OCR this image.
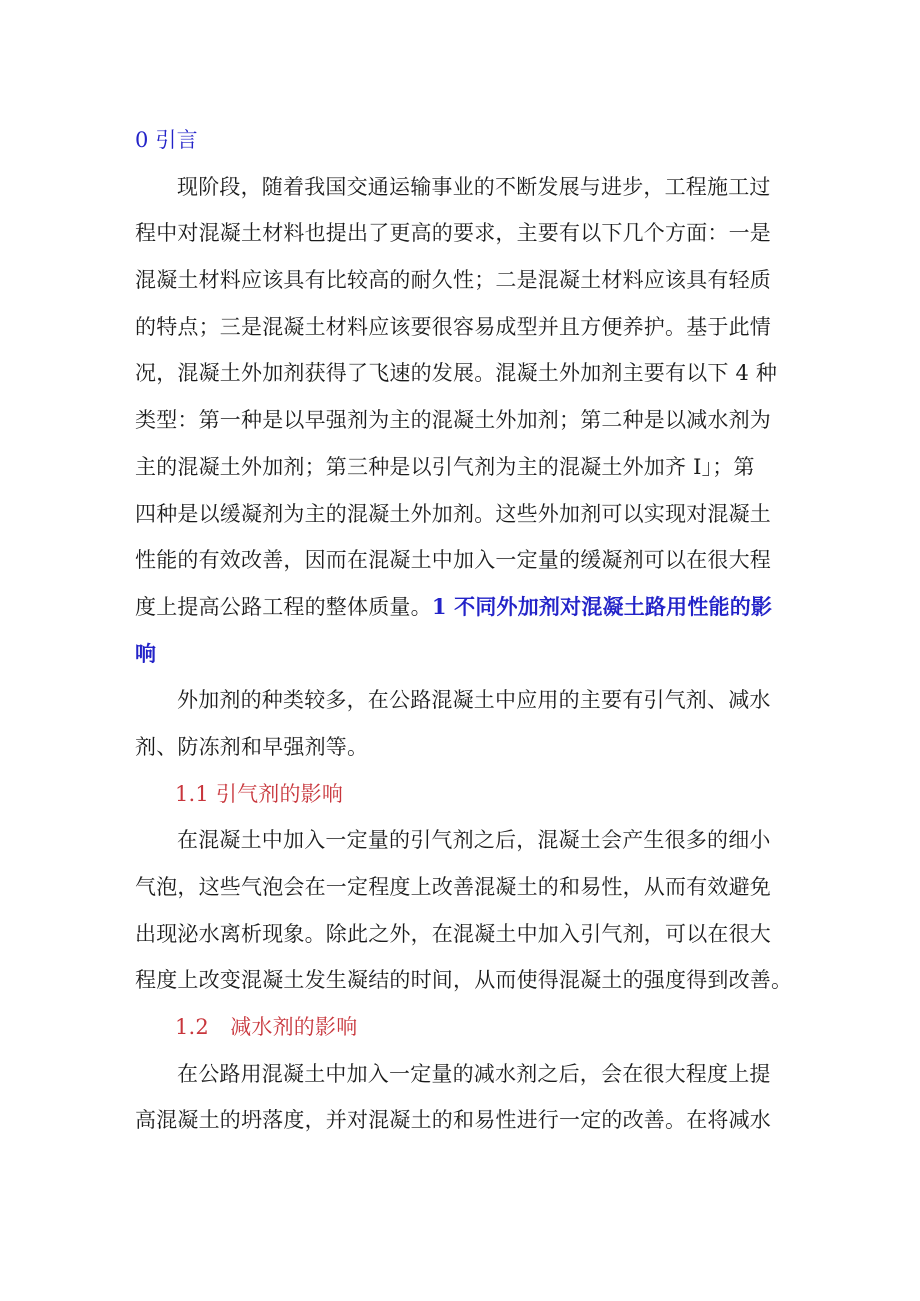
0 引言
现阶段，随着我国交通运输事业的不断发展与进步，工程施工过
程中对混凝土材料也提出了更高的要求，主要有以下几个方面：一是
混凝土材料应该具有比较高的耐久性；二是混凝土材料应该具有轻质
的特点；三是混凝土材料应该要很容易成型并且方便养护。基于此情
况，混凝土外加剂获得了飞速的发展。混凝土外加剂主要有以下 4 种
类型：第一种是以早强剂为主的混凝土外加剂；第二种是以减水剂为
主的混凝土外加剂；第三种是以引气剂为主的混凝土外加齐 I」；第
四种是以缓凝剂为主的混凝土外加剂。这些外加剂可以实现对混凝土
性能的有效改善，因而在混凝土中加入一定量的缓凝剂可以在很大程
度上提高公路工程的整体质量。1 不同外加剂对混凝土路用性能的影
响
外加剂的种类较多，在公路混凝土中应用的主要有引气剂、减水
剂、防冻剂和早强剂等。
1.1 引气剂的影响
在混凝土中加入一定量的引气剂之后，混凝土会产生很多的细小
气泡，这些气泡会在一定程度上改善混凝土的和易性，从而有效避免
出现泌水离析现象。除此之外，在混凝土中加入引气剂，可以在很大
程度上改变混凝土发生凝结的时间，从而使得混凝土的强度得到改善。
1.2　减水剂的影响
在公路用混凝土中加入一定量的减水剂之后，会在很大程度上提
高混凝土的坍落度，并对混凝土的和易性进行一定的改善。在将减水
